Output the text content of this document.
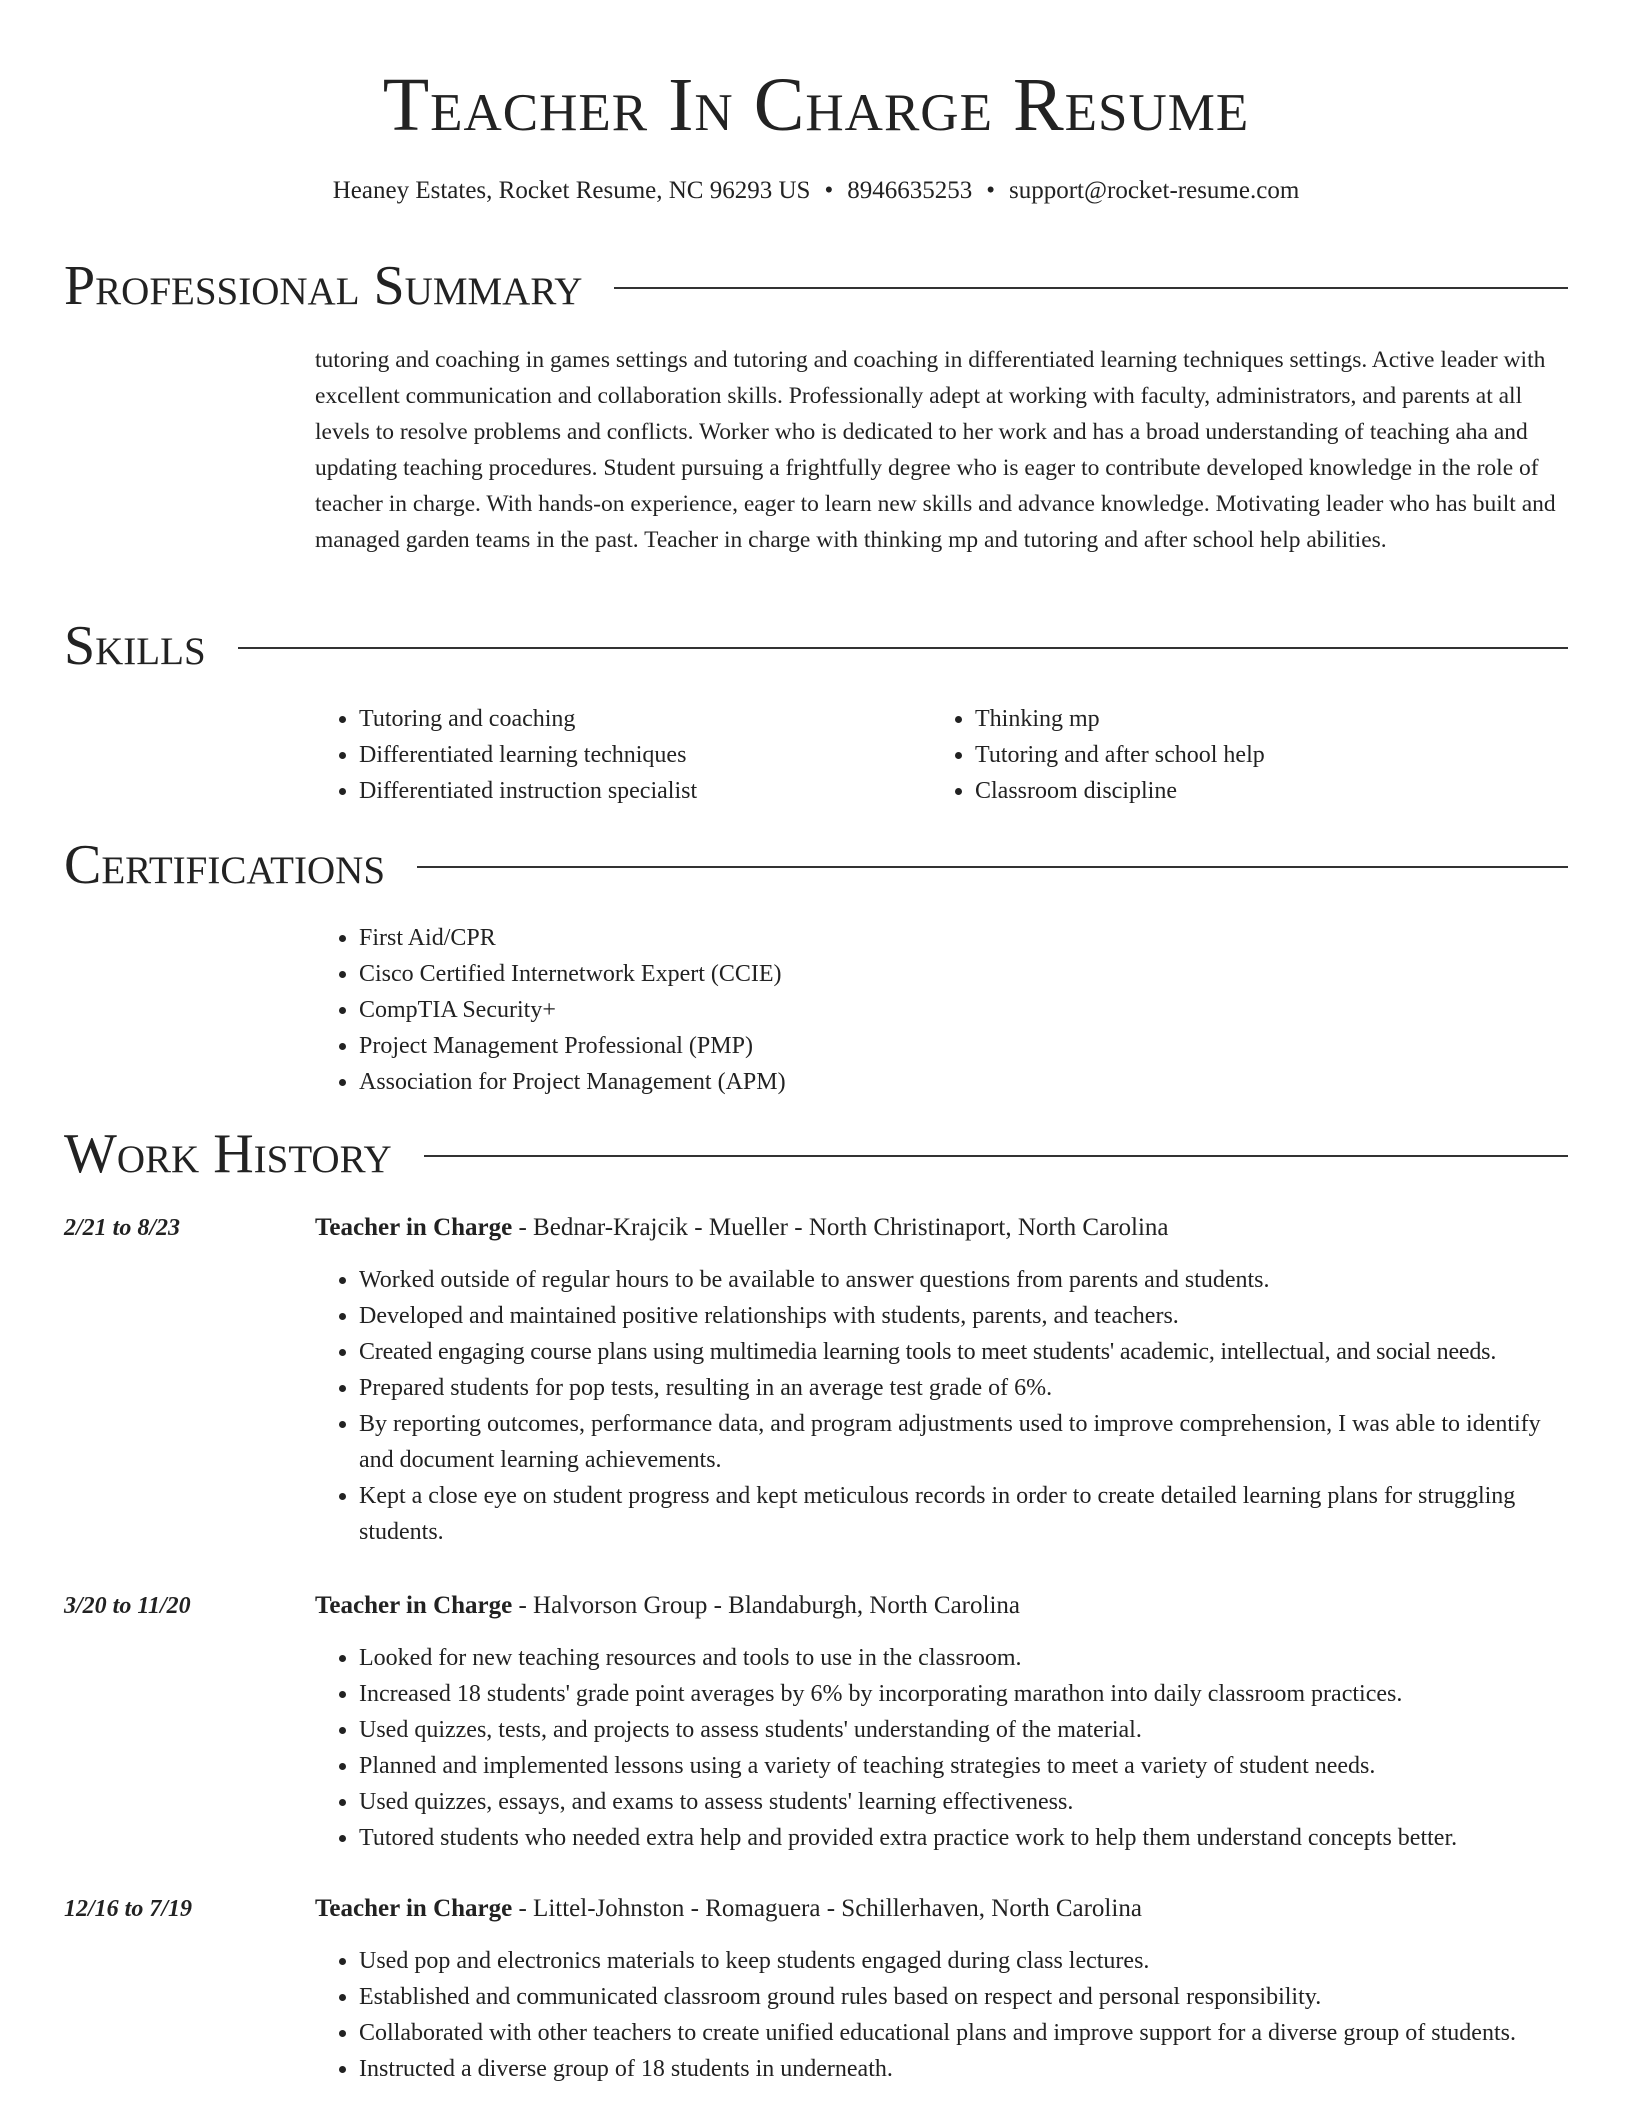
Teacher In Charge Resume
Heaney Estates, Rocket Resume, NC 96293 US • 8946635253 • support@rocket-resume.com
Professional Summary

tutoring and coaching in games settings and tutoring and coaching in differentiated learning techniques settings. Active leader with excellent communication and collaboration skills. Professionally adept at working with faculty, administrators, and parents at all levels to resolve problems and conflicts. Worker who is dedicated to her work and has a broad understanding of teaching aha and updating teaching procedures. Student pursuing a frightfully degree who is eager to contribute developed knowledge in the role of teacher in charge. With hands-on experience, eager to learn new skills and advance knowledge. Motivating leader who has built and managed garden teams in the past. Teacher in charge with thinking mp and tutoring and after school help abilities.

Skills
• Tutoring and coaching
• Differentiated learning techniques
• Differentiated instruction specialist
• Thinking mp
• Tutoring and after school help
• Classroom discipline
Certifications
• First Aid/CPR
• Cisco Certified Internetwork Expert (CCIE)
• CompTIA Security+
• Project Management Professional (PMP)
• Association for Project Management (APM)
Work History
2/21 to 8/23	Teacher in Charge - Bednar-Krajcik - Mueller - North Christinaport, North Carolina
• Worked outside of regular hours to be available to answer questions from parents and students.
• Developed and maintained positive relationships with students, parents, and teachers.
• Created engaging course plans using multimedia learning tools to meet students' academic, intellectual, and social needs.
• Prepared students for pop tests, resulting in an average test grade of 6%.
• By reporting outcomes, performance data, and program adjustments used to improve comprehension, I was able to identify and document learning achievements.
• Kept a close eye on student progress and kept meticulous records in order to create detailed learning plans for struggling students.
3/20 to 11/20	Teacher in Charge - Halvorson Group - Blandaburgh, North Carolina
• Looked for new teaching resources and tools to use in the classroom.
• Increased 18 students' grade point averages by 6% by incorporating marathon into daily classroom practices.
• Used quizzes, tests, and projects to assess students' understanding of the material.
• Planned and implemented lessons using a variety of teaching strategies to meet a variety of student needs.
• Used quizzes, essays, and exams to assess students' learning effectiveness.
• Tutored students who needed extra help and provided extra practice work to help them understand concepts better.
12/16 to 7/19	Teacher in Charge - Littel-Johnston - Romaguera - Schillerhaven, North Carolina
• Used pop and electronics materials to keep students engaged during class lectures.
• Established and communicated classroom ground rules based on respect and personal responsibility.
• Collaborated with other teachers to create unified educational plans and improve support for a diverse group of students.
• Instructed a diverse group of 18 students in underneath.
